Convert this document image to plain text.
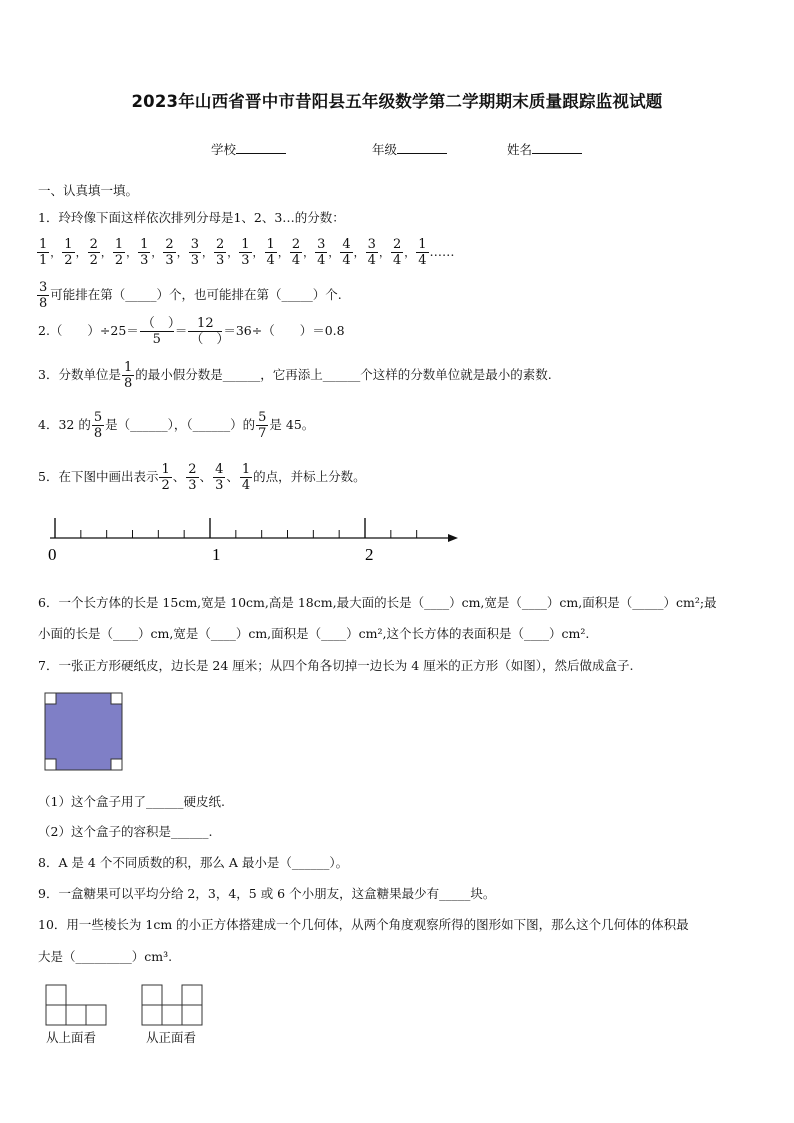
2023年山西省晋中市昔阳县五年级数学第二学期期末质量跟踪监视试题
学校	年级	姓名
一、认真填一填。
1．玲玲像下面这样依次排列分母是1、2、3…的分数：
$\frac{1}{1}$ ， $\frac{1}{2}$ ， $\frac{2}{2}$ ， $\frac{1}{2}$ ， $\frac{1}{3}$ ， $\frac{2}{3}$ ， $\frac{3}{3}$ ， $\frac{2}{3}$ ， $\frac{1}{3}$ ， $\frac{1}{4}$ ， $\frac{2}{4}$ ， $\frac{3}{4}$ ， $\frac{4}{4}$ ， $\frac{3}{4}$ ， $\frac{2}{4}$ ， $\frac{1}{4}$ ……
$\frac{3}{8}$ 可能排在第（_____）个，也可能排在第（_____）个.
2.（　　）$\div 25= \frac{( )}{5} = \frac{12}{( )} =36\div$（　　）＝0.8
3．分数单位是 $\frac{1}{8}$ 的最小假分数是______，它再添上______个这样的分数单位就是最小的素数.
4．32 的 $\frac{5}{8}$ 是（______），（______）的 $\frac{5}{7}$ 是 45。
5．在下图中画出表示 $\frac{1}{2}$ 、 $\frac{2}{3}$ 、 $\frac{4}{3}$ 、 $\frac{1}{4}$ 的点，并标上分数。
0	1	2
6．一个长方体的长是 15cm,宽是 10cm,高是 18cm,最大面的长是（____）cm,宽是（____）cm,面积是（_____）cm²;最
小面的长是（____）cm,宽是（____）cm,面积是（____）cm²,这个长方体的表面积是（____）cm².
7．一张正方形硬纸皮，边长是 24 厘米；从四个角各切掉一边长为 4 厘米的正方形（如图），然后做成盒子.
（1）这个盒子用了______硬皮纸.
（2）这个盒子的容积是______.
8．A 是 4 个不同质数的积，那么 A 最小是（______）。
9．一盒糖果可以平均分给 2，3，4，5 或 6 个小朋友，这盒糖果最少有_____块。
10．用一些棱长为 1cm 的小正方体搭建成一个几何体，从两个角度观察所得的图形如下图，那么这个几何体的体积最
大是（_________）cm³.
从上面看	从正面看
